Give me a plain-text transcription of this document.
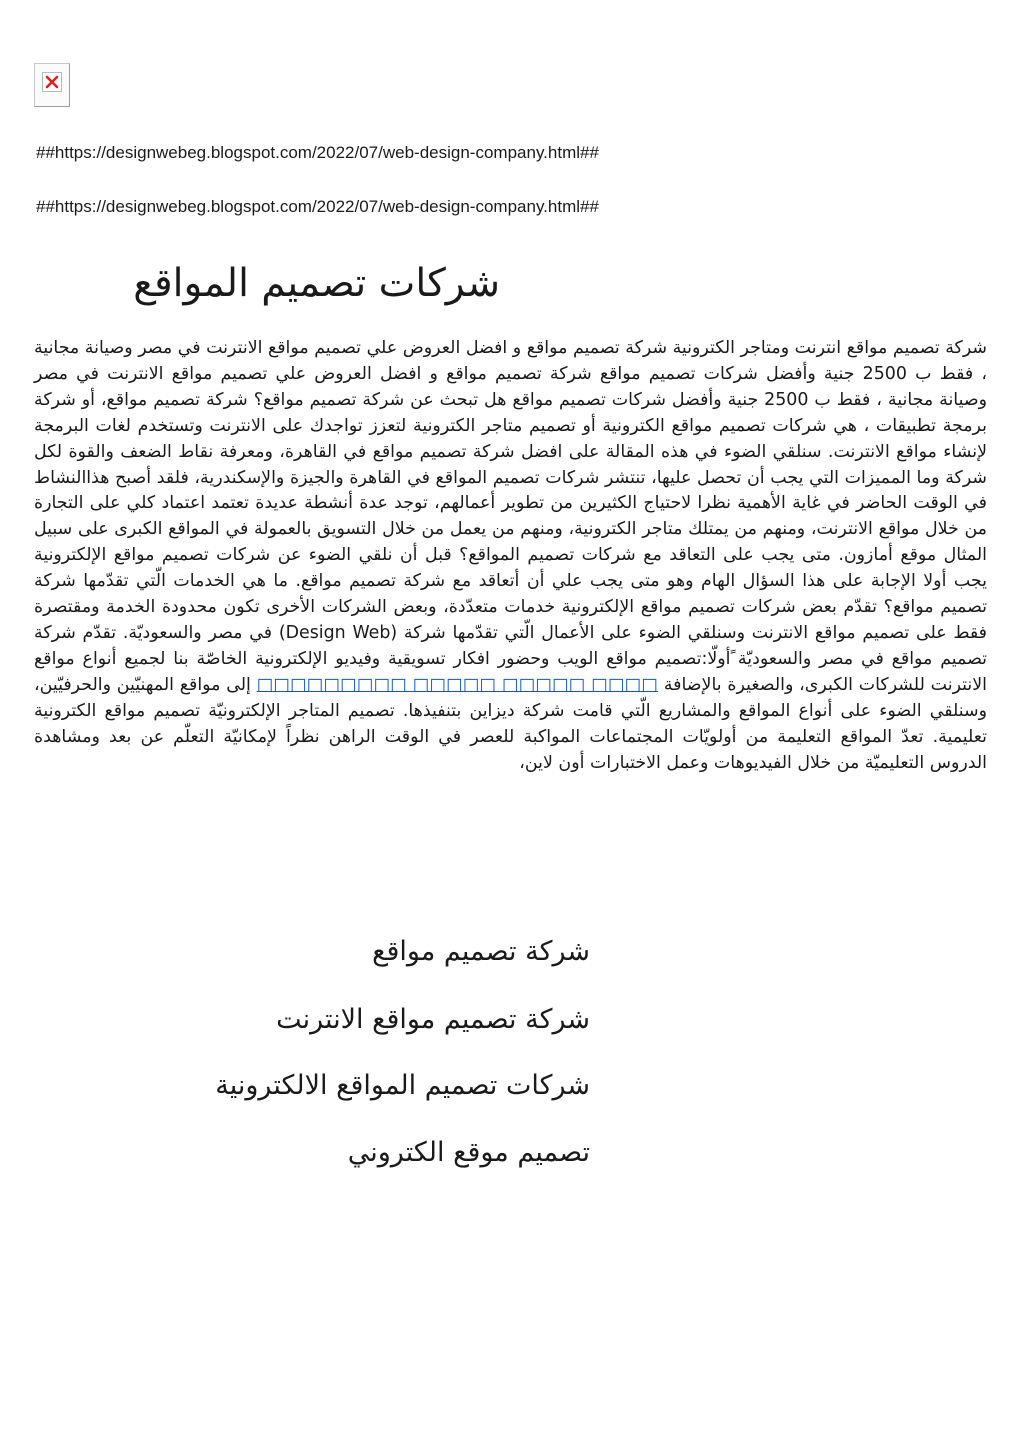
##https://designwebeg.blogspot.com/2022/07/web-design-company.html##
##https://designwebeg.blogspot.com/2022/07/web-design-company.html##
شركات تصميم المواقع

شركة تصميم مواقع انترنت ومتاجر الكترونية شركة تصميم مواقع و افضل العروض علي تصميم مواقع الانترنت في مصر وصيانة مجانية ، فقط ب 2500 جنية وأفضل شركات تصميم مواقع شركة تصميم مواقع و افضل العروض علي تصميم مواقع الانترنت في مصر وصيانة مجانية ، فقط ب 2500 جنية وأفضل شركات تصميم مواقع هل تبحث عن شركة تصميم مواقع؟ شركة تصميم مواقع، أو شركة برمجة تطبيقات ، هي شركات تصميم مواقع الكترونية أو تصميم متاجر الكترونية لتعزز تواجدك على الانترنت وتستخدم لغات البرمجة لإنشاء مواقع الانترنت. سنلقي الضوء في هذه المقالة على افضل شركة تصميم مواقع في القاهرة، ومعرفة نقاط الضعف والقوة لكل شركة وما المميزات التي يجب أن تحصل عليها، تنتشر شركات تصميم المواقع في القاهرة والجيزة والإسكندرية، فلقد أصبح هذاالنشاط في الوقت الحاضر في غاية الأهمية نظرا لاحتياج الكثيرين من تطوير أعمالهم، توجد عدة أنشطة عديدة تعتمد اعتماد كلي على التجارة من خلال مواقع الانترنت، ومنهم من يمتلك متاجر الكترونية، ومنهم من يعمل من خلال التسويق بالعمولة في المواقع الكبرى على سبيل المثال موقع أمازون. متى يجب على التعاقد مع شركات تصميم المواقع؟ قبل أن نلقي الضوء عن شركات تصميم مواقع الإلكترونية يجب أولا الإجابة على هذا السؤال الهام وهو متى يجب علي أن أتعاقد مع شركة تصميم مواقع. ما هي الخدمات الّتي تقدّمها شركة تصميم مواقع؟ تقدّم بعض شركات تصميم مواقع الإلكترونية خدمات متعدّدة، وبعض الشركات الأخرى تكون محدودة الخدمة ومقتصرة فقط على تصميم مواقع الانترنت وسنلقي الضوء على الأعمال الّتي تقدّمها شركة (Design Web) في مصر والسعوديّة. تقدّم شركة تصميم مواقع في مصر والسعوديّة ًأولّا:تصميم مواقع الويب وحضور افكار تسويقية وفيديو الإلكترونية الخاصّة بنا لجميع أنواع مواقع الانترنت للشركات الكبرى، والصغيرة بالإضافة □□□□ □□□□□ □□□□□ □□□□□□□□□ إلى مواقع المهنيّين والحرفيّين، وسنلقي الضوء على أنواع المواقع والمشاريع الّتي قامت شركة ديزاين بتنفيذها. تصميم المتاجر الإلكترونيّة تصميم مواقع الكترونية تعليمية. تعدّ المواقع التعليمة من أولويّات المجتماعات المواكبة للعصر في الوقت الراهن نظراً لإمكانيّة التعلّم عن بعد ومشاهدة الدروس التعليميّة من خلال الفيديوهات وعمل الاختبارات أون لاين،

شركة تصميم مواقع
شركة تصميم مواقع الانترنت
شركات تصميم المواقع الالكترونية
تصميم موقع الكتروني
